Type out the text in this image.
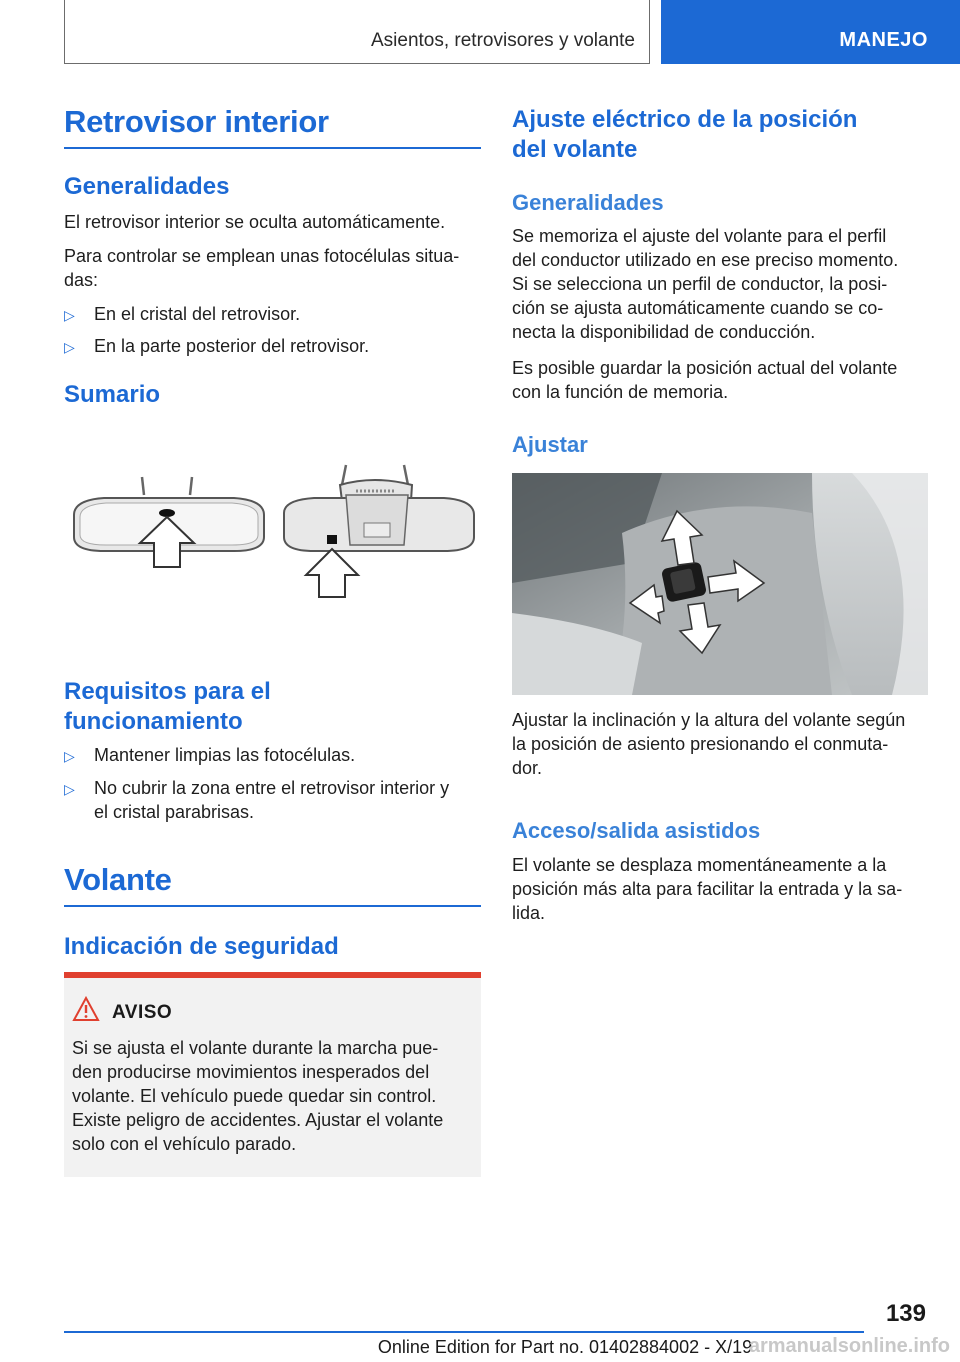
Asientos, retrovisores y volante	MANEJO
Retrovisor interior
Generalidades
El retrovisor interior se oculta automáticamente.
Para controlar se emplean unas fotocélulas situa-
das:
▷ En el cristal del retrovisor.
▷ En la parte posterior del retrovisor.
Sumario
Requisitos para el
funcionamiento
▷ Mantener limpias las fotocélulas.
▷ No cubrir la zona entre el retrovisor interior y
el cristal parabrisas.
Volante
Indicación de seguridad
AVISO
Si se ajusta el volante durante la marcha pue-
den producirse movimientos inesperados del
volante. El vehículo puede quedar sin control.
Existe peligro de accidentes. Ajustar el volante
solo con el vehículo parado.
Ajuste eléctrico de la posición
del volante
Generalidades
Se memoriza el ajuste del volante para el perfil
del conductor utilizado en ese preciso momento.
Si se selecciona un perfil de conductor, la posi-
ción se ajusta automáticamente cuando se co-
necta la disponibilidad de conducción.
Es posible guardar la posición actual del volante
con la función de memoria.
Ajustar
Ajustar la inclinación y la altura del volante según
la posición de asiento presionando el conmuta-
dor.
Acceso/salida asistidos
El volante se desplaza momentáneamente a la
posición más alta para facilitar la entrada y la sa-
lida.
139
Online Edition for Part no. 01402884002 - X/19
armanualsonline.info
